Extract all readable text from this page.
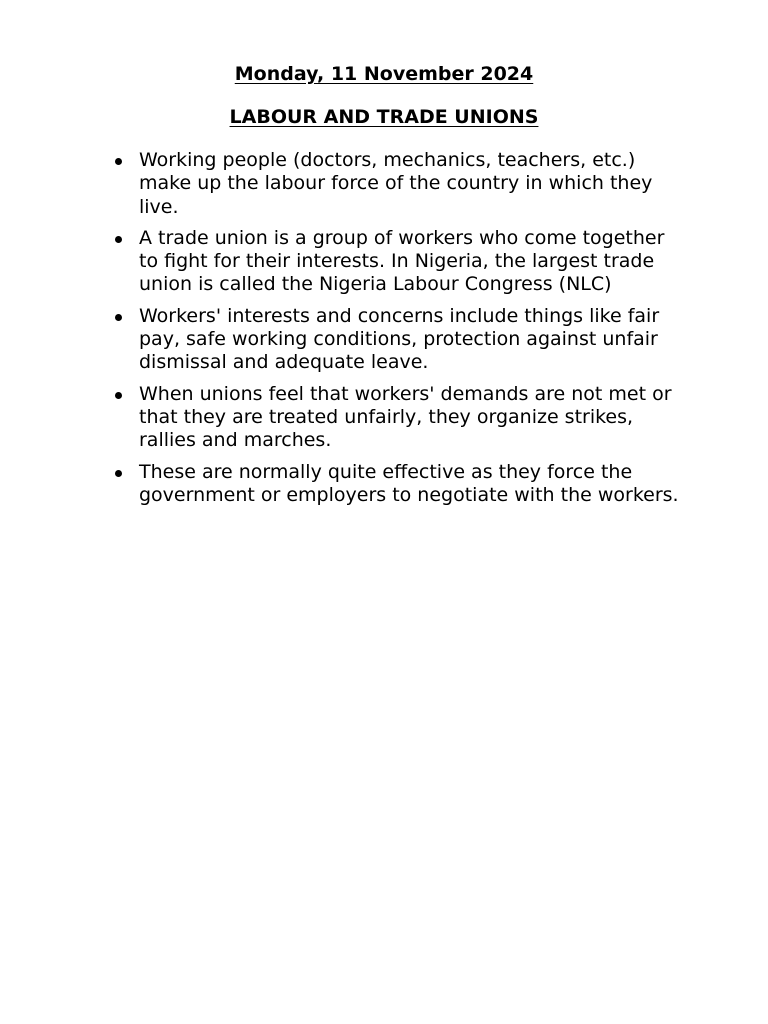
Monday, 11 November 2024

LABOUR AND TRADE UNIONS

Working people (doctors, mechanics, teachers, etc.) make up the labour force of the country in which they live.
A trade union is a group of workers who come together to fight for their interests. In Nigeria, the largest trade union is called the Nigeria Labour Congress (NLC)
Workers' interests and concerns include things like fair pay, safe working conditions, protection against unfair dismissal and adequate leave.
When unions feel that workers' demands are not met or that they are treated unfairly, they organize strikes, rallies and marches.
These are normally quite effective as they force the government or employers to negotiate with the workers.
